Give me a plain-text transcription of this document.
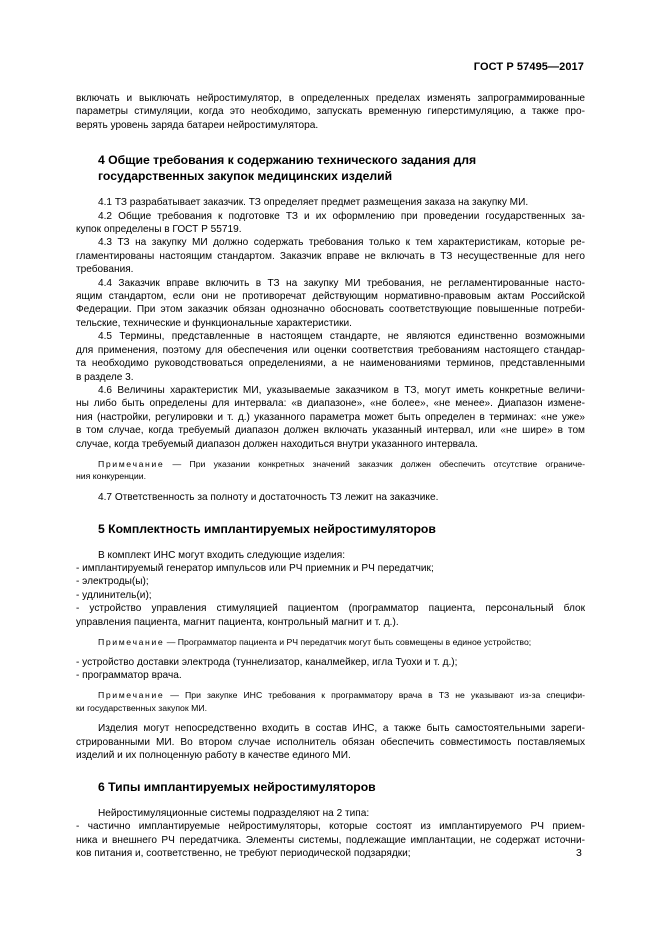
ГОСТ Р 57495—2017
включать и выключать нейростимулятор, в определенных пределах изменять запрограммированные
параметры стимуляции, когда это необходимо, запускать временную гиперстимуляцию, а также про-
верять уровень заряда батареи нейростимулятора.
4 Общие требования к содержанию технического задания для
государственных закупок медицинских изделий
4.1 ТЗ разрабатывает заказчик. ТЗ определяет предмет размещения заказа на закупку МИ.
4.2 Общие требования к подготовке ТЗ и их оформлению при проведении государственных за-
купок определены в ГОСТ Р 55719.
4.3 ТЗ на закупку МИ должно содержать требования только к тем характеристикам, которые ре-
гламентированы настоящим стандартом. Заказчик вправе не включать в ТЗ несущественные для него
требования.
4.4 Заказчик вправе включить в ТЗ на закупку МИ требования, не регламентированные насто-
ящим стандартом, если они не противоречат действующим нормативно-правовым актам Российской
Федерации. При этом заказчик обязан однозначно обосновать соответствующие повышенные потреби-
тельские, технические и функциональные характеристики.
4.5 Термины, представленные в настоящем стандарте, не являются единственно возможными
для применения, поэтому для обеспечения или оценки соответствия требованиям настоящего стандар-
та необходимо руководствоваться определениями, а не наименованиями терминов, представленными
в разделе 3.
4.6 Величины характеристик МИ, указываемые заказчиком в ТЗ, могут иметь конкретные величи-
ны либо быть определены для интервала: «в диапазоне», «не более», «не менее». Диапазон измене-
ния (настройки, регулировки и т. д.) указанного параметра может быть определен в терминах: «не уже»
в том случае, когда требуемый диапазон должен включать указанный интервал, или «не шире» в том
случае, когда требуемый диапазон должен находиться внутри указанного интервала.
Примечание — При указании конкретных значений заказчик должен обеспечить отсутствие ограниче-
ния конкуренции.
4.7 Ответственность за полноту и достаточность ТЗ лежит на заказчике.
5 Комплектность имплантируемых нейростимуляторов
В комплект ИНС могут входить следующие изделия:
- имплантируемый генератор импульсов или РЧ приемник и РЧ передатчик;
- электроды(ы);
- удлинитель(и);
- устройство управления стимуляцией пациентом (программатор пациента, персональный блок
управления пациента, магнит пациента, контрольный магнит и т. д.).
Примечание — Программатор пациента и РЧ передатчик могут быть совмещены в единое устройство;
- устройство доставки электрода (туннелизатор, каналмейкер, игла Туохи и т. д.);
- программатор врача.
Примечание — При закупке ИНС требования к программатору врача в ТЗ не указывают из-за специфи-
ки государственных закупок МИ.
Изделия могут непосредственно входить в состав ИНС, а также быть самостоятельными зареги-
стрированными МИ. Во втором случае исполнитель обязан обеспечить совместимость поставляемых
изделий и их полноценную работу в качестве единого МИ.
6 Типы имплантируемых нейростимуляторов
Нейростимуляционные системы подразделяют на 2 типа:
- частично имплантируемые нейростимуляторы, которые состоят из имплантируемого РЧ прием-
ника и внешнего РЧ передатчика. Элементы системы, подлежащие имплантации, не содержат источни-
ков питания и, соответственно, не требуют периодической подзарядки;	3
